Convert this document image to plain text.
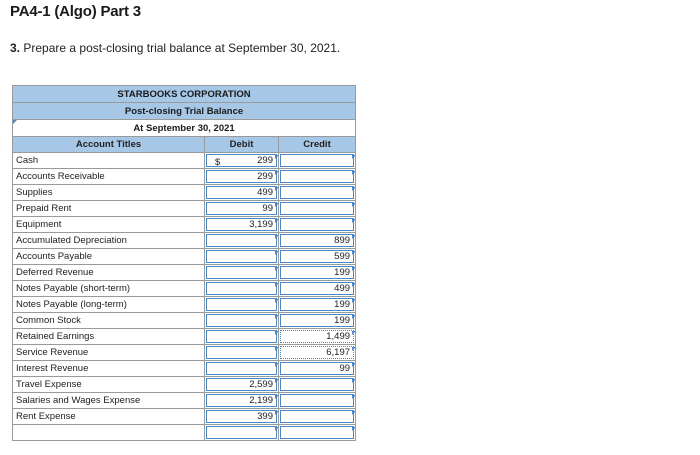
PA4-1 (Algo) Part 3
3. Prepare a post-closing trial balance at September 30, 2021.
STARBOOKS CORPORATION		
Post-closing Trial Balance		
At September 30, 2021		

Account Titles	Debit	Credit
Cash	299
$	

Accounts Receivable	299	

Supplies	499	

Prepaid Rent	99	

Equipment	3,199	

Accumulated Depreciation		899

Accounts Payable		599

Deferred Revenue		199

Notes Payable (short-term)		499

Notes Payable (long-term)		199

Common Stock		199

Retained Earnings		1,499

Service Revenue		6,197

Interest Revenue		99

Travel Expense	2,599	

Salaries and Wages Expense	2,199	

Rent Expense	399	
